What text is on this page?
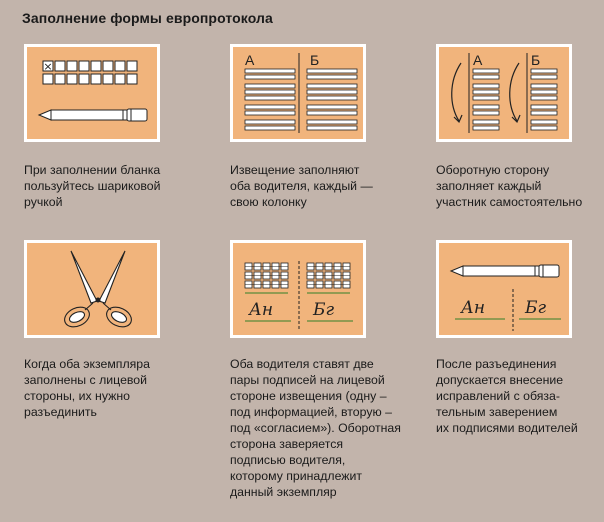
Заполнение формы европротокола
×
При заполнении бланка
пользуйтесь шариковой
ручкой
А	Б
Извещение заполняют
оба водителя, каждый —
свою колонку
А	Б
Оборотную сторону
заполняет каждый
участник самостоятельно
Когда оба экземпляра
заполнены с лицевой
стороны, их нужно
разъединить
Ан Бг
Оба водителя ставят две
пары подписей на лицевой
стороне извещения (одну –
под информацией, вторую –
под «согласием»). Оборотная
сторона заверяется
подписью водителя,
которому принадлежит
данный экземпляр
Ан Бг
После разъединения
допускается внесение
исправлений с обяза-
тельным заверением
их подписями водителей
